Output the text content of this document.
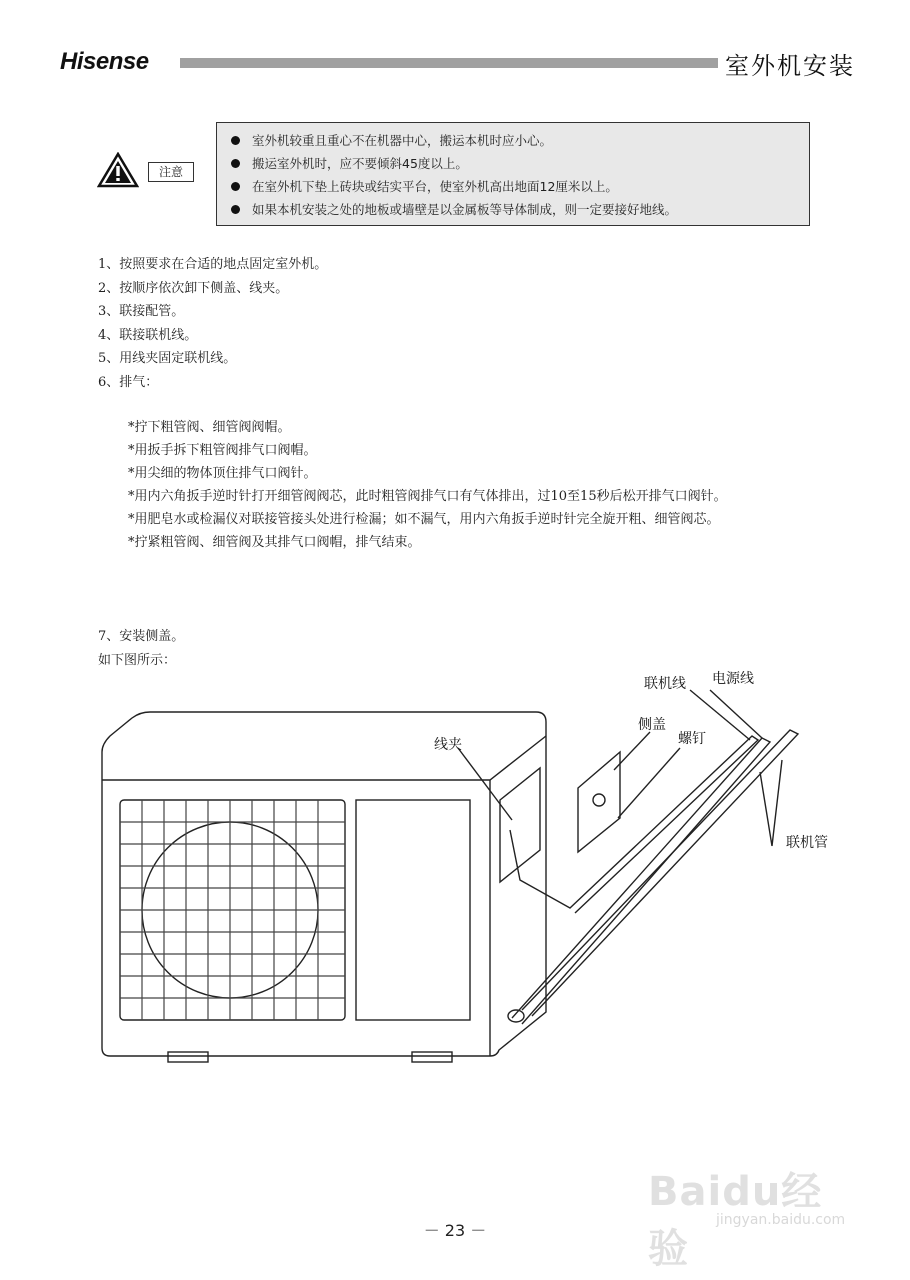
Hisense	室外机安装
注意
室外机较重且重心不在机器中心，搬运本机时应小心。
搬运室外机时，应不要倾斜45度以上。
在室外机下垫上砖块或结实平台，使室外机高出地面12厘米以上。
如果本机安装之处的地板或墙壁是以金属板等导体制成，则一定要接好地线。
1、按照要求在合适的地点固定室外机。
2、按顺序依次卸下侧盖、线夹。
3、联接配管。
4、联接联机线。
5、用线夹固定联机线。
6、排气：
*拧下粗管阀、细管阀阀帽。
*用扳手拆下粗管阀排气口阀帽。
*用尖细的物体顶住排气口阀针。
*用内六角扳手逆时针打开细管阀阀芯，此时粗管阀排气口有气体排出，过10至15秒后松开排气口阀针。
*用肥皂水或检漏仪对联接管接头处进行检漏；如不漏气，用内六角扳手逆时针完全旋开粗、细管阀芯。
*拧紧粗管阀、细管阀及其排气口阀帽，排气结束。
7、安装侧盖。
如下图所示：
联机线 电源线
侧盖
螺钉
线夹
联机管
Baidu经验
jingyan.baidu.com
－ 23 －
